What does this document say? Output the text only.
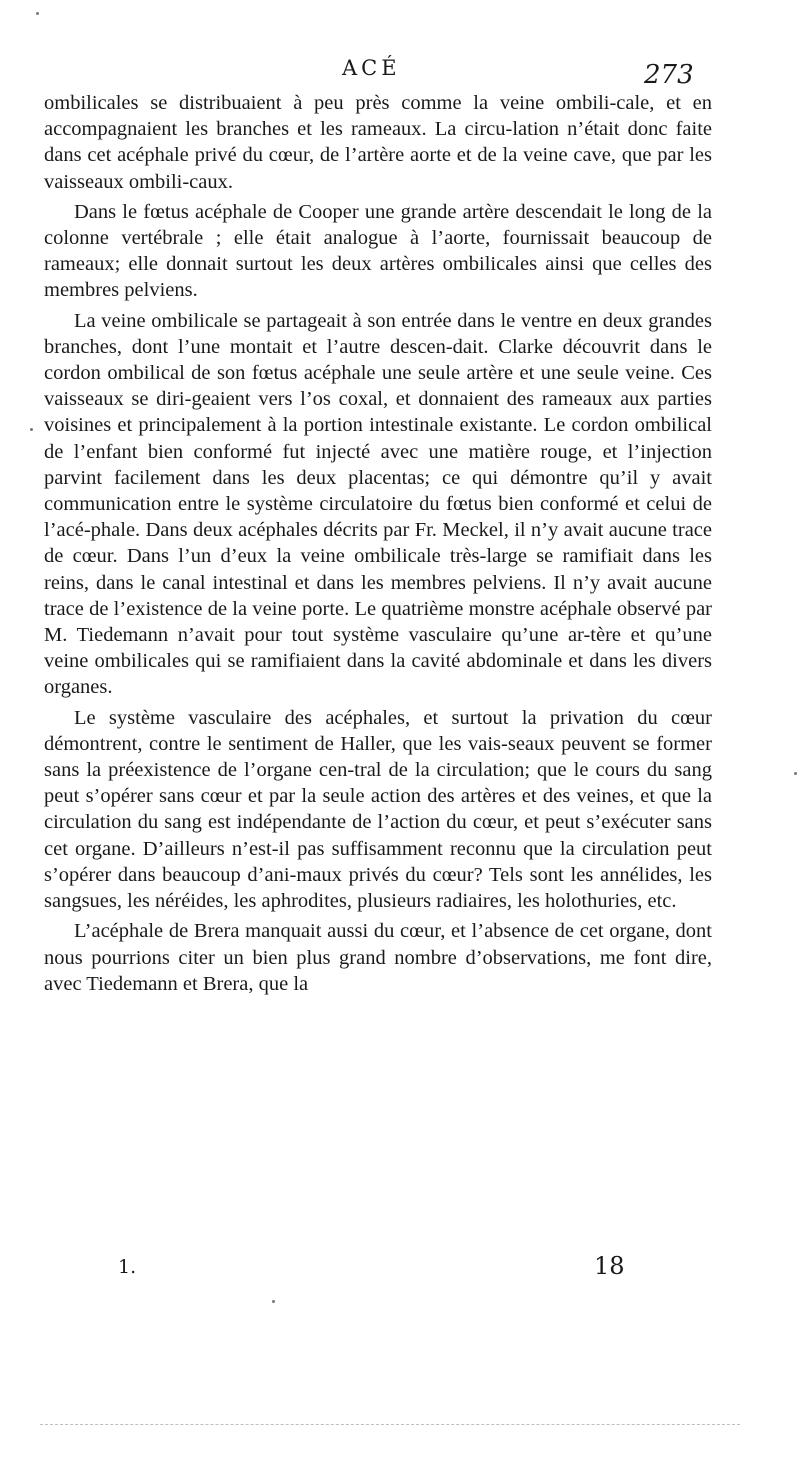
ACÉ	273

ombilicales se distribuaient à peu près comme la veine ombili-cale, et en accompagnaient les branches et les rameaux. La circu-lation n’était donc faite dans cet acéphale privé du cœur, de l’artère aorte et de la veine cave, que par les vaisseaux ombili-caux.

Dans le fœtus acéphale de Cooper une grande artère descendait le long de la colonne vertébrale ; elle était analogue à l’aorte, fournissait beaucoup de rameaux; elle donnait surtout les deux artères ombilicales ainsi que celles des membres pelviens.

La veine ombilicale se partageait à son entrée dans le ventre en deux grandes branches, dont l’une montait et l’autre descen-dait. Clarke découvrit dans le cordon ombilical de son fœtus acéphale une seule artère et une seule veine. Ces vaisseaux se diri-geaient vers l’os coxal, et donnaient des rameaux aux parties voisines et principalement à la portion intestinale existante. Le cordon ombilical de l’enfant bien conformé fut injecté avec une matière rouge, et l’injection parvint facilement dans les deux placentas; ce qui démontre qu’il y avait communication entre le système circulatoire du fœtus bien conformé et celui de l’acé-phale. Dans deux acéphales décrits par Fr. Meckel, il n’y avait aucune trace de cœur. Dans l’un d’eux la veine ombilicale très-large se ramifiait dans les reins, dans le canal intestinal et dans les membres pelviens. Il n’y avait aucune trace de l’existence de la veine porte. Le quatrième monstre acéphale observé par M. Tiedemann n’avait pour tout système vasculaire qu’une ar-tère et qu’une veine ombilicales qui se ramifiaient dans la cavité abdominale et dans les divers organes.

Le système vasculaire des acéphales, et surtout la privation du cœur démontrent, contre le sentiment de Haller, que les vais-seaux peuvent se former sans la préexistence de l’organe cen-tral de la circulation; que le cours du sang peut s’opérer sans cœur et par la seule action des artères et des veines, et que la circulation du sang est indépendante de l’action du cœur, et peut s’exécuter sans cet organe. D’ailleurs n’est-il pas suffisamment reconnu que la circulation peut s’opérer dans beaucoup d’ani-maux privés du cœur? Tels sont les annélides, les sangsues, les néréides, les aphrodites, plusieurs radiaires, les holothuries, etc.

L’acéphale de Brera manquait aussi du cœur, et l’absence de cet organe, dont nous pourrions citer un bien plus grand nombre d’observations, me font dire, avec Tiedemann et Brera, que la

1.	18
